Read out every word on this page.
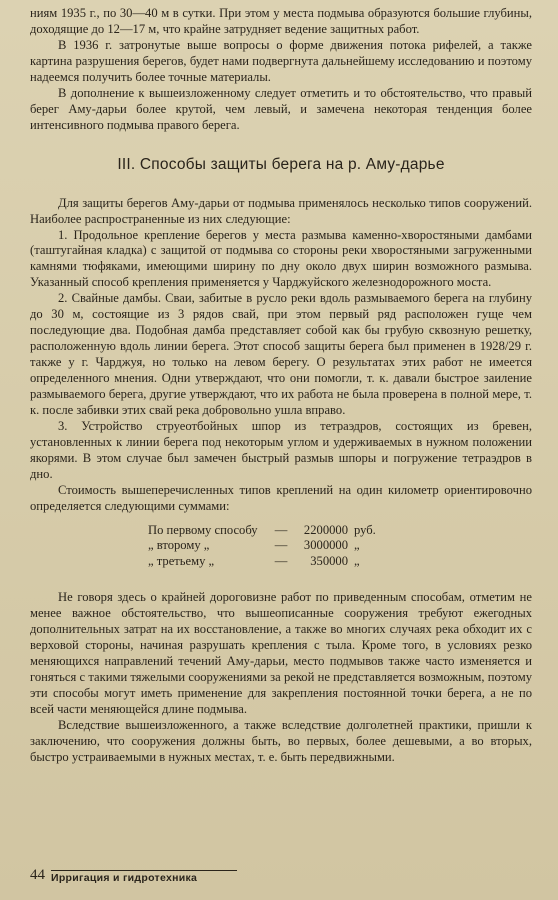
ниям 1935 г., по 30—40 м в сутки. При этом у места подмыва образуются большие глубины, доходящие до 12—17 м, что крайне затрудняет ведение защитных работ.

В 1936 г. затронутые выше вопросы о форме движения потока рифелей, а также картина разрушения берегов, будет нами подвергнута дальнейшему исследованию и поэтому надеемся получить более точные материалы.

В дополнение к вышеизложенному следует отметить и то обстоятельство, что правый берег Аму-дарьи более крутой, чем левый, и замечена некоторая тенденция более интенсивного подмыва правого берега.

III. Способы защиты берега на р. Аму-дарье

Для защиты берегов Аму-дарьи от подмыва применялось несколько типов сооружений. Наиболее распространенные из них следующие:

1. Продольное крепление берегов у места размыва каменно-хворостяными дамбами (таштугайная кладка) с защитой от подмыва со стороны реки хворостяными загруженными камнями тюфяками, имеющими ширину по дну около двух ширин возможного размыва. Указанный способ крепления применяется у Чарджуйского железнодорожного моста.

2. Свайные дамбы. Сваи, забитые в русло реки вдоль размываемого берега на глубину до 30 м, состоящие из 3 рядов свай, при этом первый ряд расположен гуще чем последующие два. Подобная дамба представляет собой как бы грубую сквозную решетку, расположенную вдоль линии берега. Этот способ защиты берега был применен в 1928/29 г. также у г. Чарджуя, но только на левом берегу. О результатах этих работ не имеется определенного мнения. Одни утверждают, что они помогли, т. к. давали быстрое заиление размываемого берега, другие утверждают, что их работа не была проверена в полной мере, т. к. после забивки этих свай река добровольно ушла вправо.

3. Устройство струеотбойных шпор из тетраэдров, состоящих из бревен, установленных к линии берега под некоторым углом и удерживаемых в нужном положении якорями. В этом случае был замечен быстрый размыв шпоры и погружение тетраэдров в дно.

Стоимость вышеперечисленных типов креплений на один километр ориентировочно определяется следующими суммами:

По первому способу	—	2200000 руб.
„ второму „	—	3000000 „
„ третьему „	—	350000 „

Не говоря здесь о крайней дороговизне работ по приведенным способам, отметим не менее важное обстоятельство, что вышеописанные сооружения требуют ежегодных дополнительных затрат на их восстановление, а также во многих случаях река обходит их с верховой стороны, начиная разрушать крепления с тыла. Кроме того, в условиях резко меняющихся направлений течений Аму-дарьи, место подмывов также часто изменяется и гоняться с такими тяжелыми сооружениями за рекой не представляется возможным, поэтому эти способы могут иметь применение для закрепления постоянной точки берега, а не по всей части меняющейся длине подмыва.

Вследствие вышеизложенного, а также вследствие долголетней практики, пришли к заключению, что сооружения должны быть, во первых, более дешевыми, а во вторых, быстро устраиваемыми в нужных местах, т. е. быть передвижными.

44 Ирригация и гидротехника
